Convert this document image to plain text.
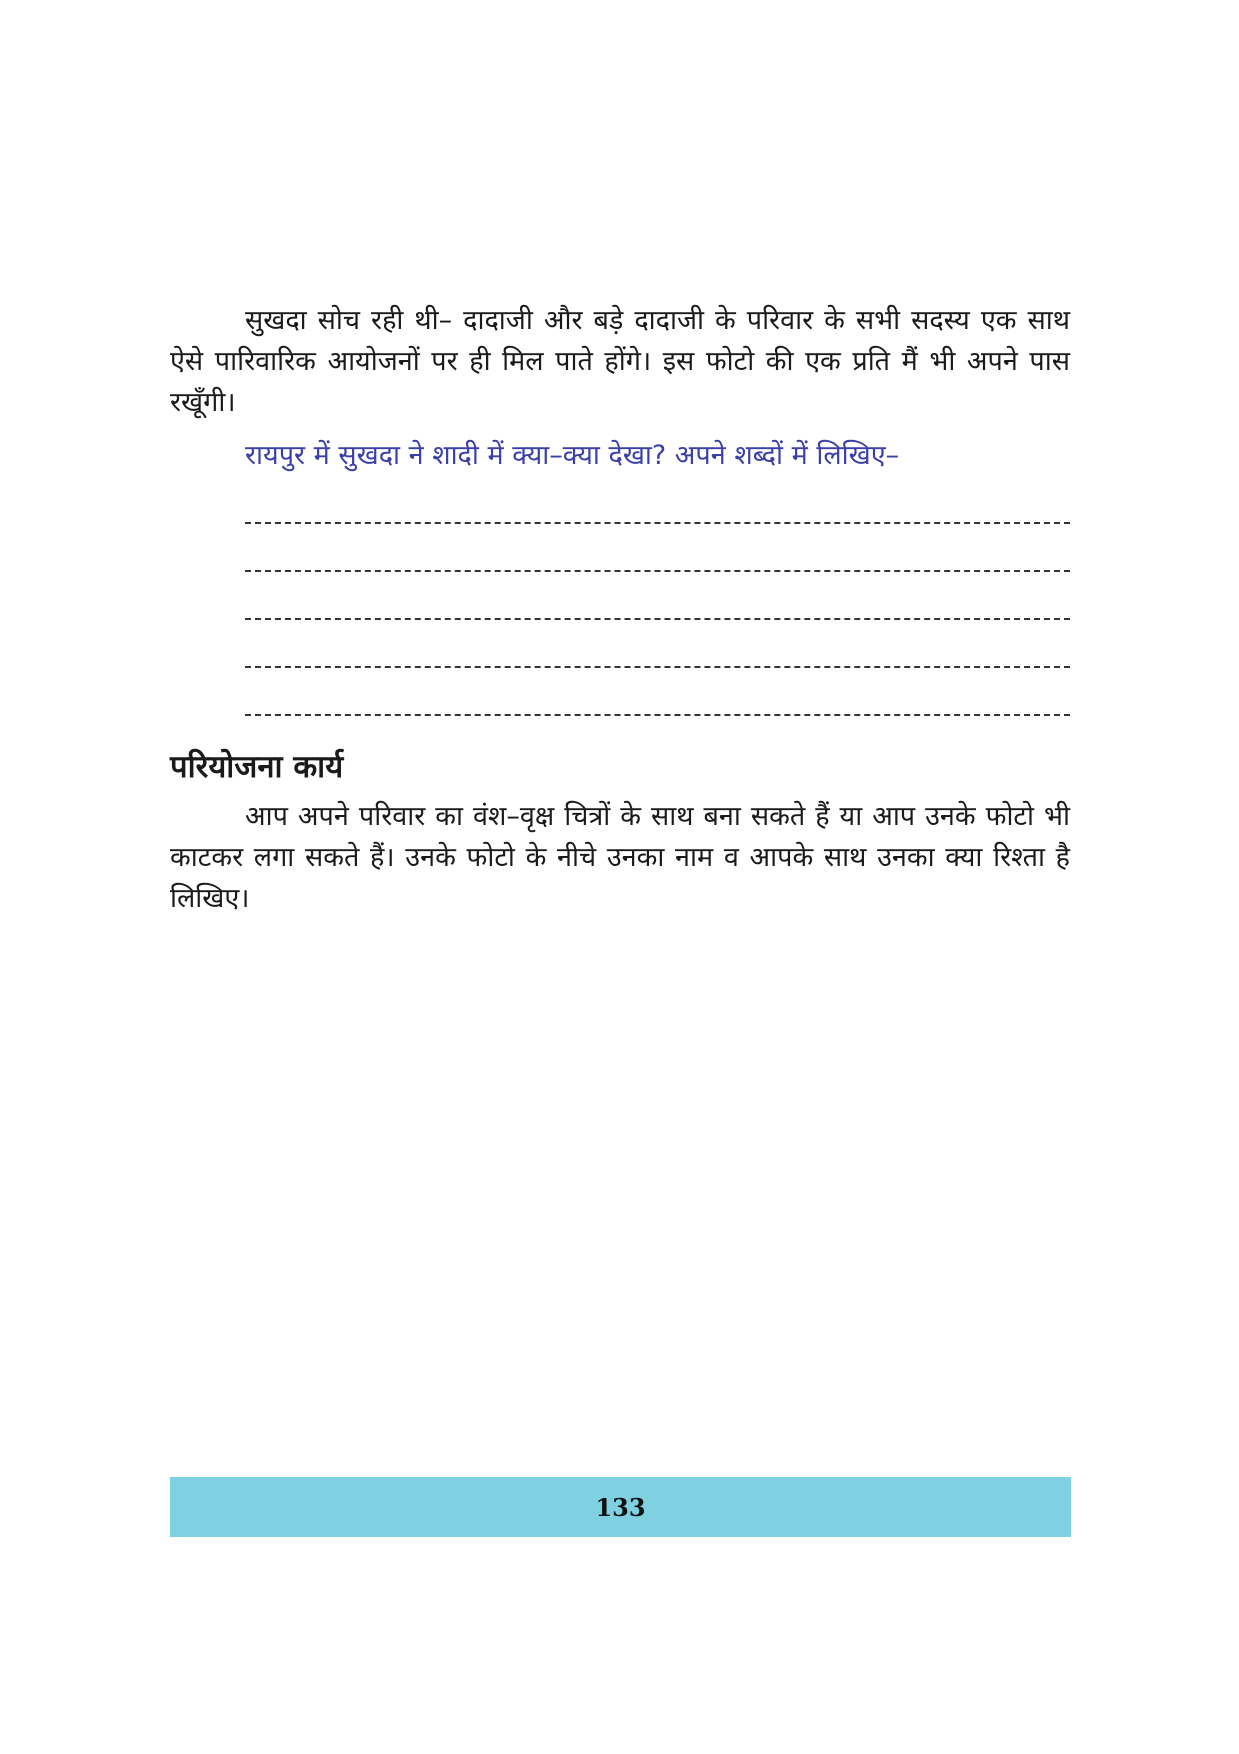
सुखदा सोच रही थी– दादाजी और बड़े दादाजी के परिवार के सभी सदस्य एक साथ ऐसे पारिवारिक आयोजनों पर ही मिल पाते होंगे। इस फोटो की एक प्रति मैं भी अपने पास रखूँगी।

रायपुर में सुखदा ने शादी में क्या–क्या देखा? अपने शब्दों में लिखिए–
परियोजना कार्य

आप अपने परिवार का वंश–वृक्ष चित्रों के साथ बना सकते हैं या आप उनके फोटो भी काटकर लगा सकते हैं। उनके फोटो के नीचे उनका नाम व आपके साथ उनका क्या रिश्ता है लिखिए।

133
